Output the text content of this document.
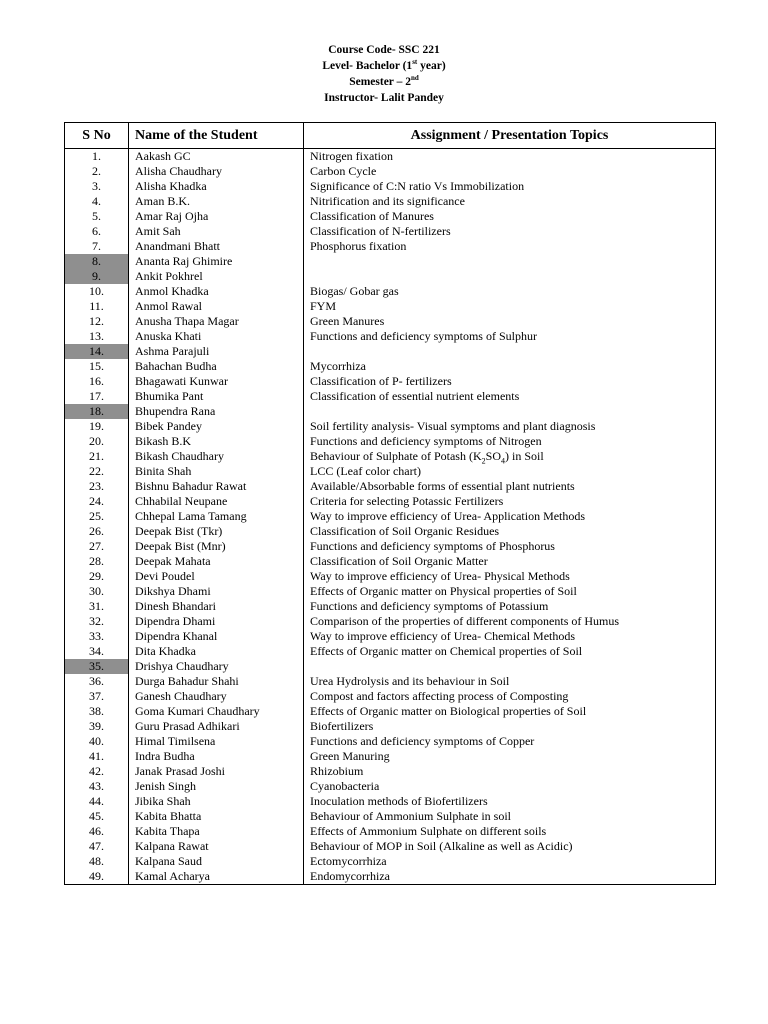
Course Code- SSC 221
Level- Bachelor (1st year)
Semester – 2nd
Instructor- Lalit Pandey
S No	Name of the Student	Assignment / Presentation Topics
1.	Aakash GC	Nitrogen fixation
2.	Alisha Chaudhary	Carbon Cycle
3.	Alisha Khadka	Significance of C:N ratio Vs Immobilization
4.	Aman B.K.	Nitrification and its significance
5.	Amar Raj Ojha	Classification of Manures
6.	Amit Sah	Classification of N-fertilizers
7.	Anandmani Bhatt	Phosphorus fixation
8.	Ananta Raj Ghimire	
9.	Ankit Pokhrel	
10.	Anmol Khadka	Biogas/ Gobar gas
11.	Anmol Rawal	FYM
12.	Anusha Thapa Magar	Green Manures
13.	Anuska Khati	Functions and deficiency symptoms of Sulphur
14.	Ashma Parajuli	
15.	Bahachan Budha	Mycorrhiza
16.	Bhagawati Kunwar	Classification of P- fertilizers
17.	Bhumika Pant	Classification of essential nutrient elements
18.	Bhupendra Rana	
19.	Bibek Pandey	Soil fertility analysis- Visual symptoms and plant diagnosis
20.	Bikash B.K	Functions and deficiency symptoms of Nitrogen
21.	Bikash Chaudhary	Behaviour of Sulphate of Potash $(K_2SO_4)$ in Soil
22.	Binita Shah	LCC (Leaf color chart)
23.	Bishnu Bahadur Rawat	Available/Absorbable forms of essential plant nutrients
24.	Chhabilal Neupane	Criteria for selecting Potassic Fertilizers
25.	Chhepal Lama Tamang	Way to improve efficiency of Urea- Application Methods
26.	Deepak Bist (Tkr)	Classification of Soil Organic Residues
27.	Deepak Bist (Mnr)	Functions and deficiency symptoms of Phosphorus
28.	Deepak Mahata	Classification of Soil Organic Matter
29.	Devi Poudel	Way to improve efficiency of Urea- Physical Methods
30.	Dikshya Dhami	Effects of Organic matter on Physical properties of Soil
31.	Dinesh Bhandari	Functions and deficiency symptoms of Potassium
32.	Dipendra Dhami	Comparison of the properties of different components of Humus
33.	Dipendra Khanal	Way to improve efficiency of Urea- Chemical Methods
34.	Dita Khadka	Effects of Organic matter on Chemical properties of Soil
35.	Drishya Chaudhary	
36.	Durga Bahadur Shahi	Urea Hydrolysis and its behaviour in Soil
37.	Ganesh Chaudhary	Compost and factors affecting process of Composting
38.	Goma Kumari Chaudhary	Effects of Organic matter on Biological properties of Soil
39.	Guru Prasad Adhikari	Biofertilizers
40.	Himal Timilsena	Functions and deficiency symptoms of Copper
41.	Indra Budha	Green Manuring
42.	Janak Prasad Joshi	Rhizobium
43.	Jenish Singh	Cyanobacteria
44.	Jibika Shah	Inoculation methods of Biofertilizers
45.	Kabita Bhatta	Behaviour of Ammonium Sulphate in soil
46.	Kabita Thapa	Effects of Ammonium Sulphate on different soils
47.	Kalpana Rawat	Behaviour of MOP in Soil (Alkaline as well as Acidic)
48.	Kalpana Saud	Ectomycorrhiza
49.	Kamal Acharya	Endomycorrhiza
